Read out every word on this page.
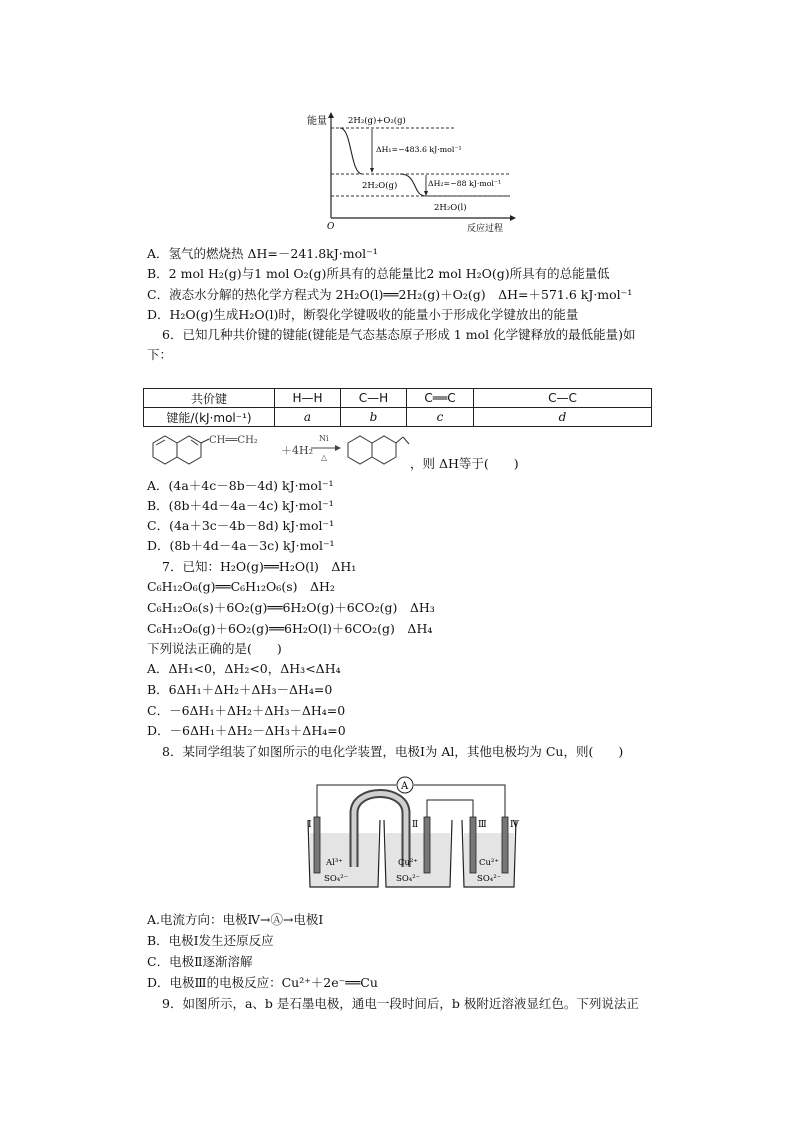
能量
O	反应过程
2H₂(g)+O₂(g)
2H₂O(g)
ΔH₁=−483.6 kJ·mol⁻¹
2H₂O(l)
ΔH₂=−88 kJ·mol⁻¹
A．氢气的燃烧热 ΔH=－241.8kJ·mol⁻¹
B．2 mol H₂(g)与1 mol O₂(g)所具有的总能量比2 mol H₂O(g)所具有的总能量低
C．液态水分解的热化学方程式为 2H₂O(l)══2H₂(g)＋O₂(g)　ΔH=＋571.6 kJ·mol⁻¹
D．H₂O(g)生成H₂O(l)时，断裂化学键吸收的能量小于形成化学键放出的能量
6．已知几种共价键的键能(键能是气态基态原子形成 1 mol 化学键释放的最低能量)如
下：
共价键	H—H	C—H	C══C	C—C
键能/(kJ·mol⁻¹)	a	b	c	d
CH══CH₂
＋4H₂
Ni
△	，则 ΔH等于(　　)
A．(4a＋4c－8b－4d) kJ·mol⁻¹
B．(8b＋4d－4a－4c) kJ·mol⁻¹
C．(4a＋3c－4b－8d) kJ·mol⁻¹
D．(8b＋4d－4a－3c) kJ·mol⁻¹
7．已知：H₂O(g)══H₂O(l)　ΔH₁
C₆H₁₂O₆(g)══C₆H₁₂O₆(s)　ΔH₂
C₆H₁₂O₆(s)＋6O₂(g)══6H₂O(g)＋6CO₂(g)　ΔH₃
C₆H₁₂O₆(g)＋6O₂(g)══6H₂O(l)＋6CO₂(g)　ΔH₄
下列说法正确的是(　　)
A．ΔH₁<0，ΔH₂<0，ΔH₃<ΔH₄
B．6ΔH₁＋ΔH₂＋ΔH₃－ΔH₄=0
C．－6ΔH₁＋ΔH₂＋ΔH₃－ΔH₄=0
D．－6ΔH₁＋ΔH₂－ΔH₃＋ΔH₄=0
8．某同学组装了如图所示的电化学装置，电极Ⅰ为 Al，其他电极均为 Cu，则(　　)
A
Ⅰ	Ⅱ	Ⅲ	Ⅳ
Al³⁺
SO₄²⁻
Cu²⁺
SO₄²⁻
Cu²⁺
SO₄²⁻
A.电流方向：电极Ⅳ→Ⓐ→电极Ⅰ
B．电极Ⅰ发生还原反应
C．电极Ⅱ逐渐溶解
D．电极Ⅲ的电极反应：Cu²⁺＋2e⁻══Cu
9．如图所示，a、b 是石墨电极，通电一段时间后，b 极附近溶液显红色。下列说法正
